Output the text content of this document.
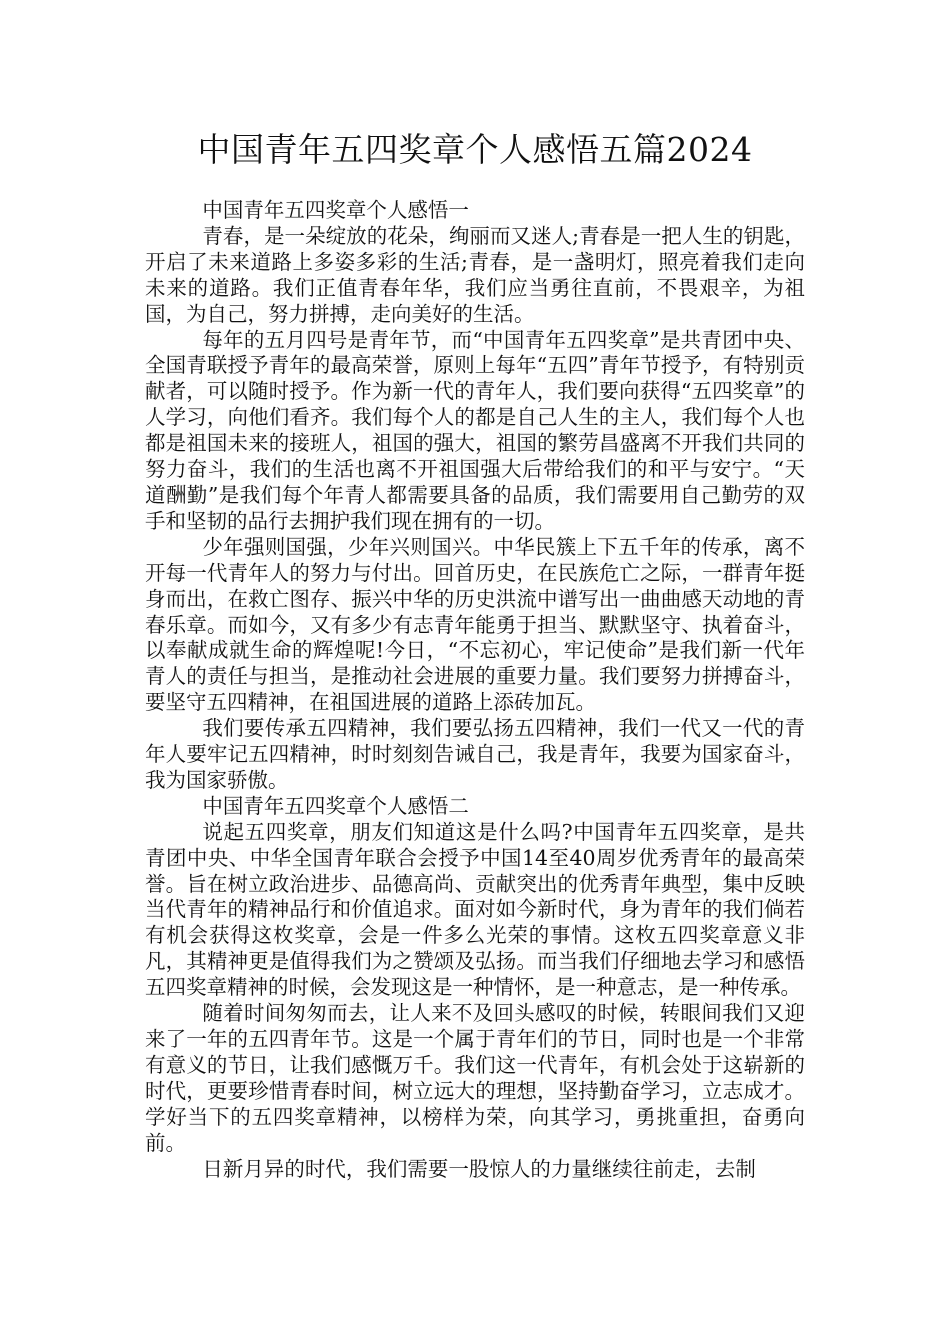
中国青年五四奖章个人感悟五篇2024

中国青年五四奖章个人感悟一

青春，是一朵绽放的花朵，绚丽而又迷人;青春是一把人生的钥匙，开启了未来道路上多姿多彩的生活;青春，是一盏明灯，照亮着我们走向未来的道路。我们正值青春年华，我们应当勇往直前，不畏艰辛，为祖国，为自己，努力拼搏，走向美好的生活。

每年的五月四号是青年节，而“中国青年五四奖章”是共青团中央、全国青联授予青年的最高荣誉，原则上每年“五四”青年节授予，有特别贡献者，可以随时授予。作为新一代的青年人，我们要向获得“五四奖章”的人学习，向他们看齐。我们每个人的都是自己人生的主人，我们每个人也都是祖国未来的接班人，祖国的强大，祖国的繁劳昌盛离不开我们共同的努力奋斗，我们的生活也离不开祖国强大后带给我们的和平与安宁。“天道酬勤”是我们每个年青人都需要具备的品质，我们需要用自己勤劳的双手和坚韧的品行去拥护我们现在拥有的一切。

少年强则国强，少年兴则国兴。中华民簇上下五千年的传承，离不开每一代青年人的努力与付出。回首历史，在民族危亡之际，一群青年挺身而出，在救亡图存、振兴中华的历史洪流中谱写出一曲曲感天动地的青春乐章。而如今，又有多少有志青年能勇于担当、默默坚守、执着奋斗，以奉献成就生命的辉煌呢!今日，“不忘初心，牢记使命”是我们新一代年青人的责任与担当，是推动社会进展的重要力量。我们要努力拼搏奋斗，要坚守五四精神，在祖国进展的道路上添砖加瓦。

我们要传承五四精神，我们要弘扬五四精神，我们一代又一代的青年人要牢记五四精神，时时刻刻告诫自己，我是青年，我要为国家奋斗，我为国家骄傲。

中国青年五四奖章个人感悟二

说起五四奖章，朋友们知道这是什么吗?中国青年五四奖章，是共青团中央、中华全国青年联合会授予中国14至40周岁优秀青年的最高荣誉。旨在树立政治进步、品德高尚、贡献突出的优秀青年典型，集中反映当代青年的精神品行和价值追求。面对如今新时代，身为青年的我们倘若有机会获得这枚奖章，会是一件多么光荣的事情。这枚五四奖章意义非凡，其精神更是值得我们为之赞颂及弘扬。而当我们仔细地去学习和感悟五四奖章精神的时候，会发现这是一种情怀，是一种意志，是一种传承。

随着时间匆匆而去，让人来不及回头感叹的时候，转眼间我们又迎来了一年的五四青年节。这是一个属于青年们的节日，同时也是一个非常有意义的节日，让我们感慨万千。我们这一代青年，有机会处于这崭新的时代，更要珍惜青春时间，树立远大的理想，坚持勤奋学习，立志成才。学好当下的五四奖章精神，以榜样为荣，向其学习，勇挑重担，奋勇向前。

日新月异的时代，我们需要一股惊人的力量继续往前走，去制
